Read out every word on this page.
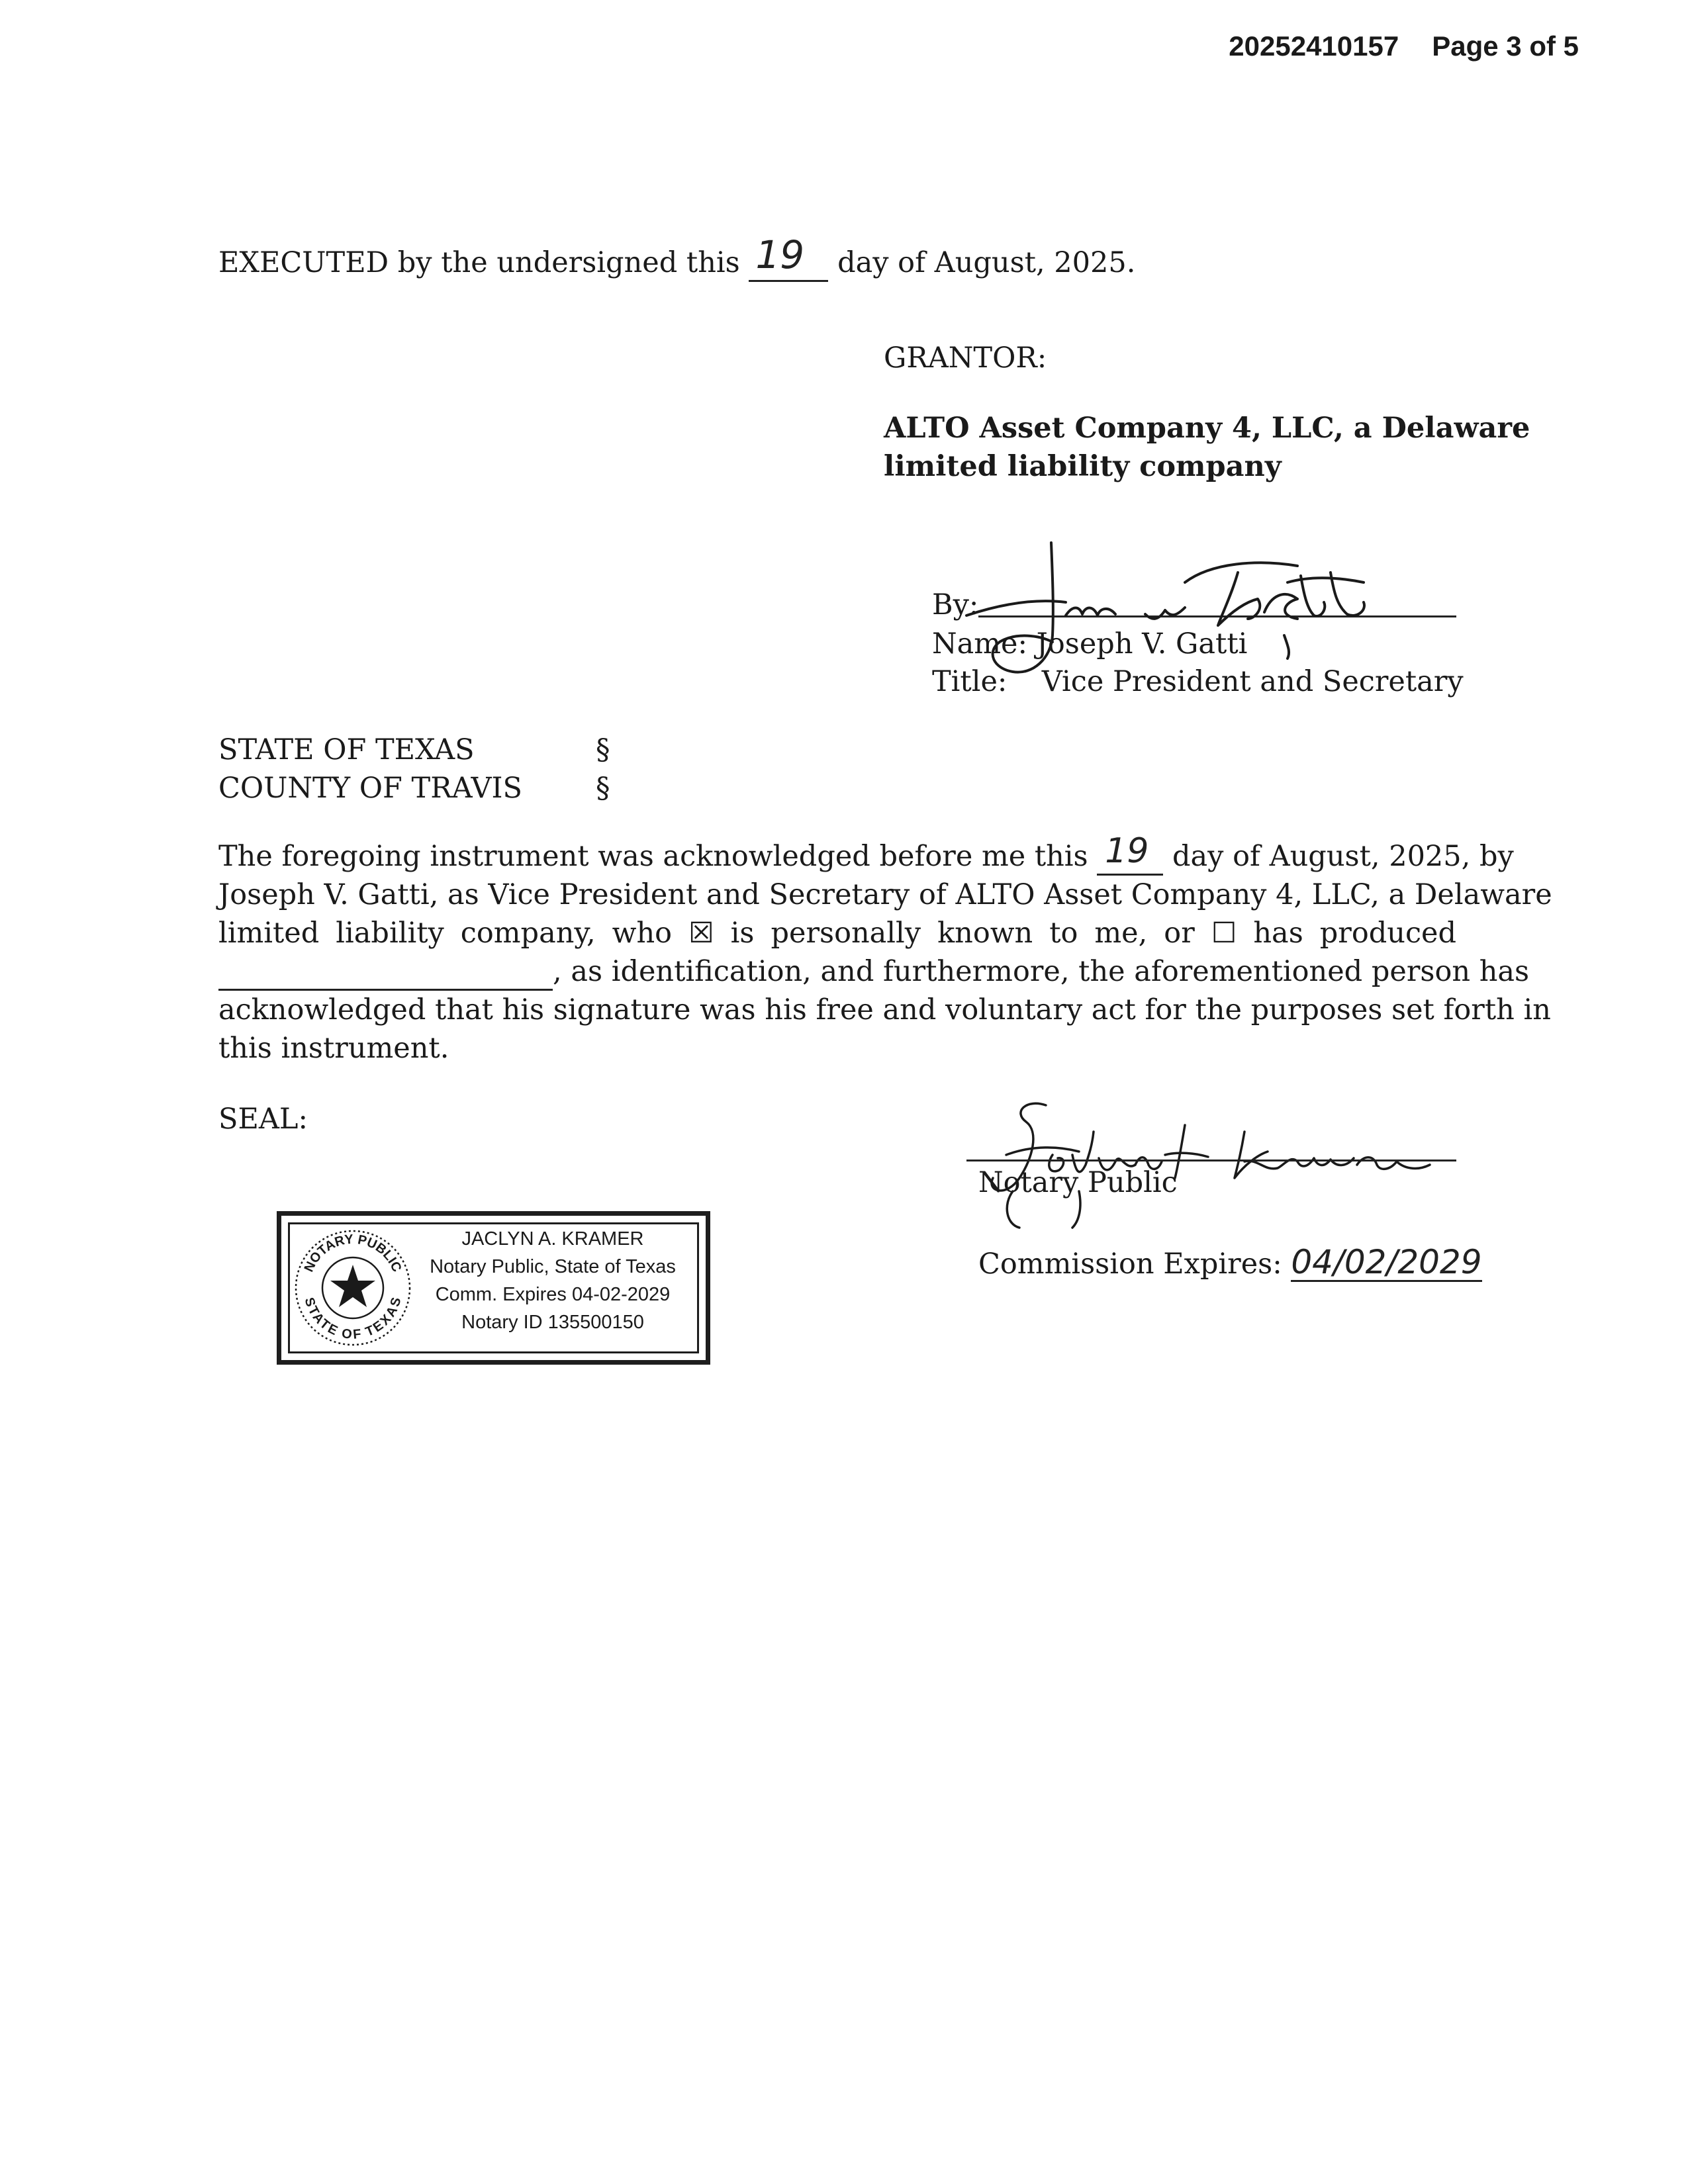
20252410157 Page 3 of 5
EXECUTED by the undersigned this 19 day of August, 2025.
GRANTOR:
ALTO Asset Company 4, LLC, a Delaware
limited liability company
By:
Name: Joseph V. Gatti
Title: Vice President and Secretary
STATE OF TEXAS	§
COUNTY OF TRAVIS	§
The foregoing instrument was acknowledged before me this 19 day of August, 2025, by
Joseph V. Gatti, as Vice President and Secretary of ALTO Asset Company 4, LLC, a Delaware
limited liability company, who ☒ is personally known to me, or ☐ has produced
, as identification, and furthermore, the aforementioned person has
acknowledged that his signature was his free and voluntary act for the purposes set forth in
this instrument.
SEAL:
Notary Public
Commission Expires: 04/02/2029
NOTARY PUBLIC
STATE OF TEXAS
JACLYN A. KRAMER
Notary Public, State of Texas
Comm. Expires 04-02-2029
Notary ID 135500150
